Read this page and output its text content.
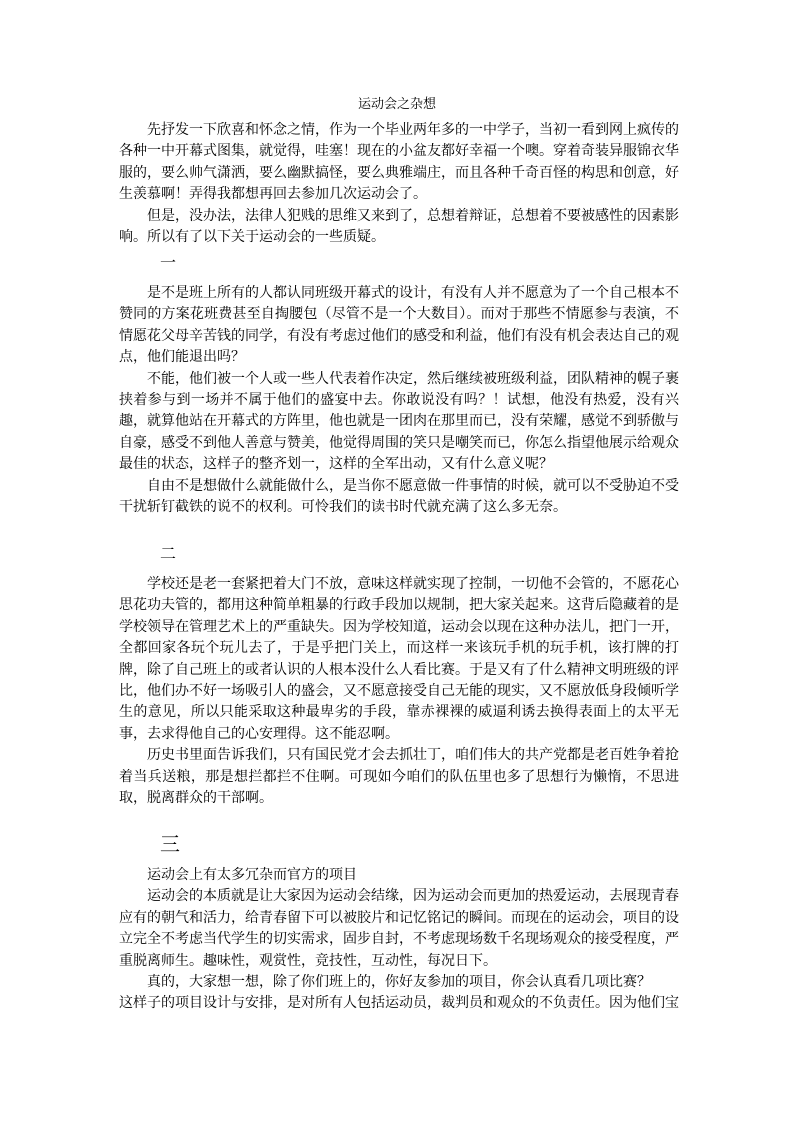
运动会之杂想

先抒发一下欣喜和怀念之情，作为一个毕业两年多的一中学子，当初一看到网上疯传的各种一中开幕式图集，就觉得，哇塞！现在的小盆友都好幸福一个噢。穿着奇装异服锦衣华服的，要么帅气潇洒，要么幽默搞怪，要么典雅端庄，而且各种千奇百怪的构思和创意，好生羡慕啊！弄得我都想再回去参加几次运动会了。

但是，没办法，法律人犯贱的思维又来到了，总想着辩证，总想着不要被感性的因素影响。所以有了以下关于运动会的一些质疑。

一

是不是班上所有的人都认同班级开幕式的设计，有没有人并不愿意为了一个自己根本不赞同的方案花班费甚至自掏腰包（尽管不是一个大数目）。而对于那些不情愿参与表演，不情愿花父母辛苦钱的同学，有没有考虑过他们的感受和利益，他们有没有机会表达自己的观点，他们能退出吗？

不能，他们被一个人或一些人代表着作决定，然后继续被班级利益，团队精神的幌子裹挟着参与到一场并不属于他们的盛宴中去。你敢说没有吗？！试想，他没有热爱，没有兴趣，就算他站在开幕式的方阵里，他也就是一团肉在那里而已，没有荣耀，感觉不到骄傲与自豪，感受不到他人善意与赞美，他觉得周围的笑只是嘲笑而已，你怎么指望他展示给观众最佳的状态，这样子的整齐划一，这样的全军出动，又有什么意义呢？

自由不是想做什么就能做什么，是当你不愿意做一件事情的时候，就可以不受胁迫不受干扰斩钉截铁的说不的权利。可怜我们的读书时代就充满了这么多无奈。

二

学校还是老一套紧把着大门不放，意味这样就实现了控制，一切他不会管的，不愿花心思花功夫管的，都用这种简单粗暴的行政手段加以规制，把大家关起来。这背后隐藏着的是学校领导在管理艺术上的严重缺失。因为学校知道，运动会以现在这种办法儿，把门一开，全都回家各玩个玩儿去了，于是乎把门关上，而这样一来该玩手机的玩手机，该打牌的打牌，除了自己班上的或者认识的人根本没什么人看比赛。于是又有了什么精神文明班级的评比，他们办不好一场吸引人的盛会，又不愿意接受自己无能的现实，又不愿放低身段倾听学生的意见，所以只能采取这种最卑劣的手段，靠赤裸裸的威逼利诱去换得表面上的太平无事，去求得他自己的心安理得。这不能忍啊。

历史书里面告诉我们，只有国民党才会去抓壮丁，咱们伟大的共产党都是老百姓争着抢着当兵送粮，那是想拦都拦不住啊。可现如今咱们的队伍里也多了思想行为懒惰，不思进取，脱离群众的干部啊。

三

运动会上有太多冗杂而官方的项目

运动会的本质就是让大家因为运动会结缘，因为运动会而更加的热爱运动，去展现青春应有的朝气和活力，给青春留下可以被胶片和记忆铭记的瞬间。而现在的运动会，项目的设立完全不考虑当代学生的切实需求，固步自封，不考虑现场数千名现场观众的接受程度，严重脱离师生。趣味性，观赏性，竞技性，互动性，每况日下。

真的，大家想一想，除了你们班上的，你好友参加的项目，你会认真看几项比赛？

这样子的项目设计与安排，是对所有人包括运动员，裁判员和观众的不负责任。因为他们宝
